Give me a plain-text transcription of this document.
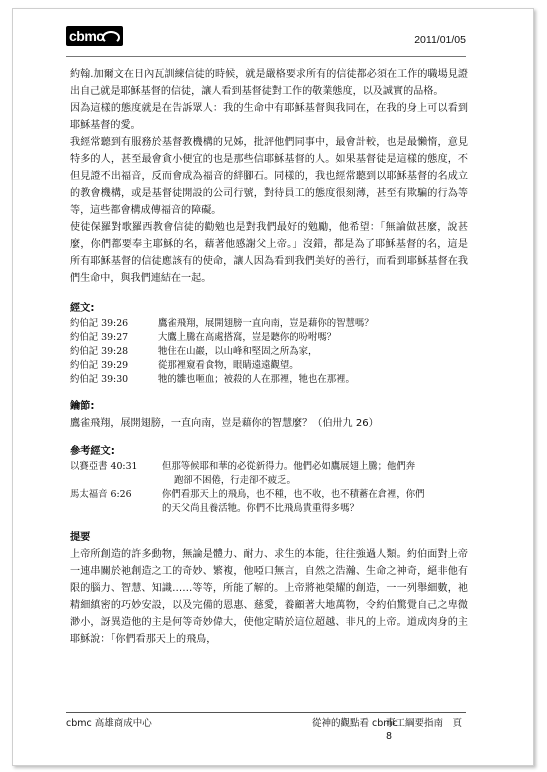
cbmc	2011/01/05

約翰.加爾文在日內瓦訓練信徒的時候，就是嚴格要求所有的信徒都必須在工作的職場見證出自己就是耶穌基督的信徒，讓人看到基督徒對工作的敬業態度，以及誠實的品格。

因為這樣的態度就是在告訴眾人：我的生命中有耶穌基督與我同在，在我的身上可以看到耶穌基督的愛。

我經常聽到有服務於基督教機構的兄姊，批評他們同事中，最會計較，也是最懶惰，意見特多的人，甚至最會貪小便宜的也是那些信耶穌基督的人。如果基督徒是這樣的態度，不但見證不出福音，反而會成為福音的絆腳石。同樣的，我也經常聽到以耶穌基督的名成立的教會機構，或是基督徒開設的公司行號，對待員工的態度很刻薄，甚至有欺騙的行為等等，這些都會構成傳福音的障礙。

使徒保羅對歌羅西教會信徒的勸勉也是對我們最好的勉勵，他希望：「無論做甚麼，說甚麼，你們都要奉主耶穌的名，藉著他感謝父上帝。」沒錯，都是為了耶穌基督的名，這是所有耶穌基督的信徒應該有的使命，讓人因為看到我們美好的善行，而看到耶穌基督在我們生命中，與我們連結在一起。

經文:

約伯記 39:26	鷹雀飛翔，展開翅膀一直向南，豈是藉你的智慧嗎？

約伯記 39:27	大鷹上騰在高處搭窩，豈是聽你的吩咐嗎？

約伯記 39:28	牠住在山巖，以山峰和堅固之所為家，

約伯記 39:29	從那裡窺看食物，眼睛遠遠觀望。

約伯記 39:30	牠的雛也咂血；被殺的人在那裡，牠也在那裡。

鑰節:

鷹雀飛翔，展開翅膀，一直向南，豈是藉你的智慧麼？（伯卅九 26）

參考經文:
以賽亞書 40:31	但那等候耶和華的必從新得力。他們必如鷹展翅上騰；他們奔
跑卻不困倦，行走卻不疲乏。
馬太福音 6:26	你們看那天上的飛鳥，也不種，也不收，也不積蓄在倉裡，你們
的天父尚且養活牠。你們不比飛鳥貴重得多嗎？
提要

上帝所創造的許多動物，無論是體力、耐力、求生的本能，往往強過人類。約伯面對上帝一連串關於祂創造之工的奇妙、繁複，他啞口無言，自然之浩瀚、生命之神奇，絕非他有限的腦力、智慧、知識……等等，所能了解的。上帝將祂榮耀的創造，一一列舉細數，祂精細縝密的巧妙安設，以及完備的恩惠、慈愛，養顧著大地萬物，令約伯驚覺自己之卑微渺小，訝異造他的主是何等奇妙偉大，使他定睛於這位超越、非凡的上帝。道成肉身的主耶穌說：「你們看那天上的飛鳥，

cbmc 高雄商成中心	從神的觀點看 cbmc
事工綱要指南　頁 8
